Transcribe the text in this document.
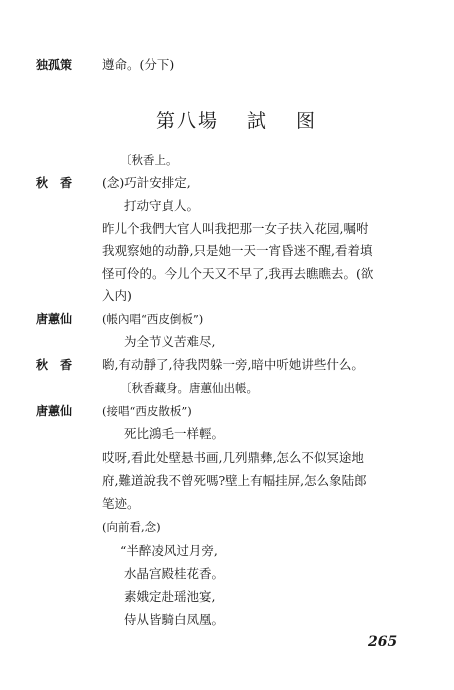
独孤策 遵命。(分下)
第八場 試 图
〔秋香上。
秋　香 (念)巧計安排定,
打动守貞人。
昨儿个我們大官人叫我把那一女子扶入花园,嘱咐
我观察她的动静,只是她一天一宵昏迷不醒,看着填
怪可伶的。今儿个天又不早了,我再去瞧瞧去。(欲
入内)
唐蕙仙	(帳內唱“西皮倒板”)
为全节义苦难尽,
秋　香 喲,有动靜了,待我閃躲一旁,暗中听她讲些什么。
〔秋香藏身。唐蕙仙出帳。
唐蕙仙	(接唱“西皮散板”)
死比鴻毛一样輕。
哎呀,看此处壁悬书画,几列鼎彝,怎么不似冥途地
府,難道說我不曾死嗎?壁上有幅挂屏,怎么象陆郎
笔迹。
(向前看,念)
“半醉凌风过月旁,
水晶宫殿桂花香。
素娥定赴瑶池宴,
侍从皆騎白凤凰。
265
